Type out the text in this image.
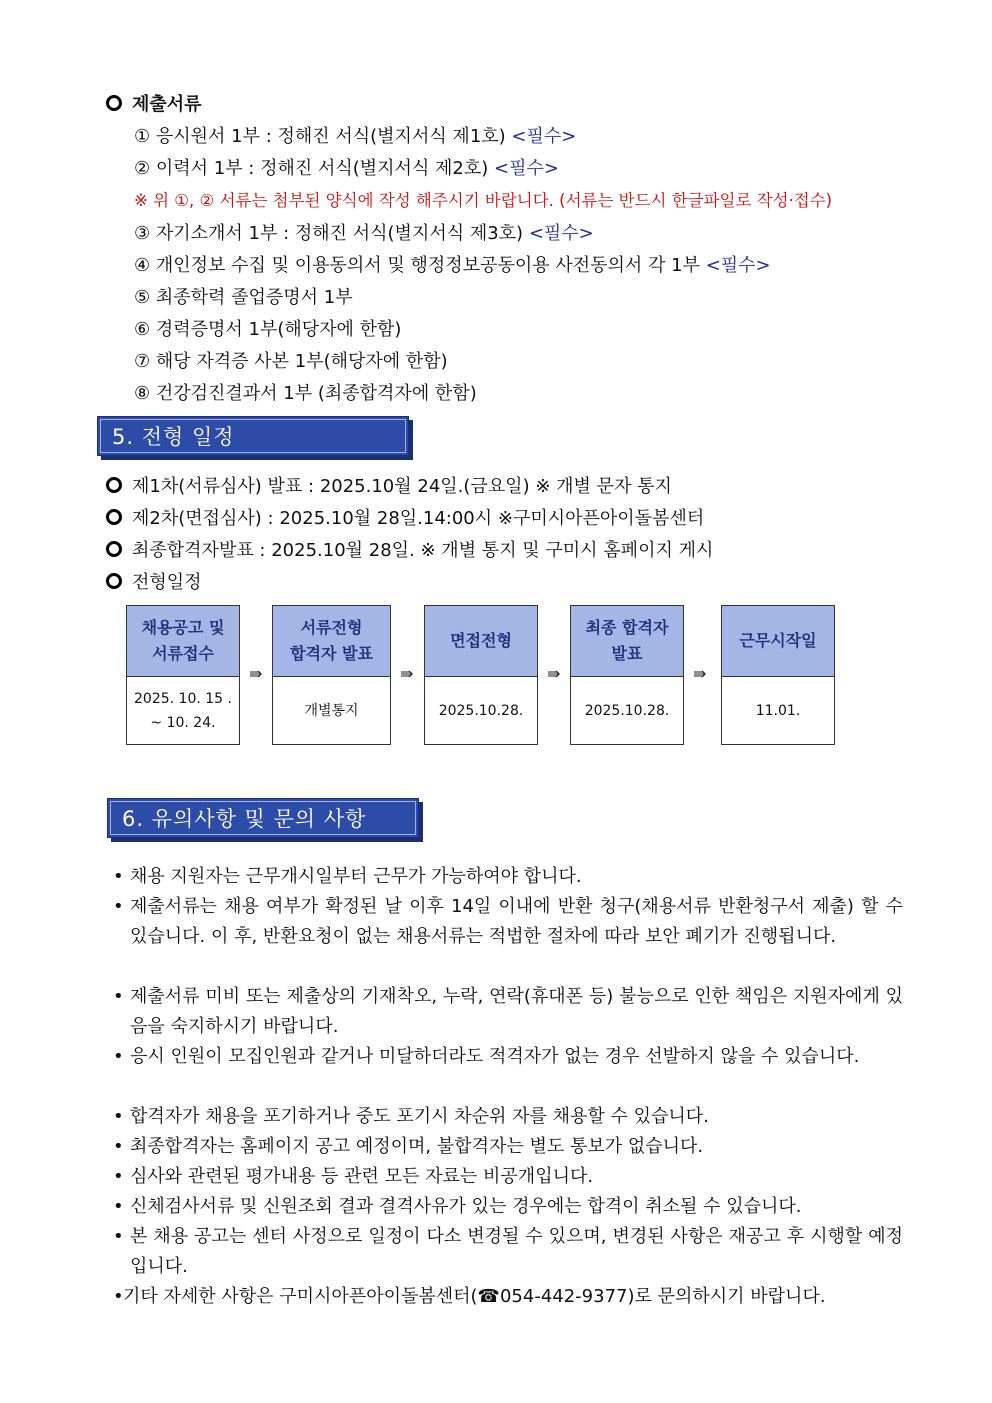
제출서류
① 응시원서 1부 : 정해진 서식(별지서식 제1호) <필수>
② 이력서 1부 : 정해진 서식(별지서식 제2호) <필수>
※ 위 ①, ② 서류는 첨부된 양식에 작성 해주시기 바랍니다. (서류는 반드시 한글파일로 작성·접수)
③ 자기소개서 1부 : 정해진 서식(별지서식 제3호) <필수>
④ 개인정보 수집 및 이용동의서 및 행정정보공동이용 사전동의서 각 1부 <필수>
⑤ 최종학력 졸업증명서 1부
⑥ 경력증명서 1부(해당자에 한함)
⑦ 해당 자격증 사본 1부(해당자에 한함)
⑧ 건강검진결과서 1부 (최종합격자에 한함)
5. 전형 일정
제1차(서류심사) 발표 : 2025.10월 24일.(금요일) ※ 개별 문자 통지
제2차(면접심사) : 2025.10월 28일.14:00시 ※구미시아픈아이돌봄센터
최종합격자발표 : 2025.10월 28일. ※ 개별 통지 및 구미시 홈페이지 게시
전형일정
채용공고 및
서류접수
2025. 10. 15 .
~ 10. 24.
⇛
서류전형
합격자 발표
개별통지
⇛
면접전형
2025.10.28.
⇛
최종 합격자
발표
2025.10.28.
⇛
근무시작일
11.01.
6. 유의사항 및 문의 사항
• 채용 지원자는 근무개시일부터 근무가 가능하여야 합니다.
• 제출서류는 채용 여부가 확정된 날 이후 14일 이내에 반환 청구(채용서류 반환청구서 제출) 할 수 있습니다. 이 후, 반환요청이 없는 채용서류는 적법한 절차에 따라 보안 폐기가 진행됩니다.
• 제출서류 미비 또는 제출상의 기재착오, 누락, 연락(휴대폰 등) 불능으로 인한 책임은 지원자에게 있음을 숙지하시기 바랍니다.
• 응시 인원이 모집인원과 같거나 미달하더라도 적격자가 없는 경우 선발하지 않을 수 있습니다.
• 합격자가 채용을 포기하거나 중도 포기시 차순위 자를 채용할 수 있습니다.
• 최종합격자는 홈페이지 공고 예정이며, 불합격자는 별도 통보가 없습니다.
• 심사와 관련된 평가내용 등 관련 모든 자료는 비공개입니다.
• 신체검사서류 및 신원조회 결과 결격사유가 있는 경우에는 합격이 취소될 수 있습니다.
• 본 채용 공고는 센터 사정으로 일정이 다소 변경될 수 있으며, 변경된 사항은 재공고 후 시행할 예정입니다.
• 기타 자세한 사항은 구미시아픈아이돌봄센터(☎054-442-9377)로 문의하시기 바랍니다.
